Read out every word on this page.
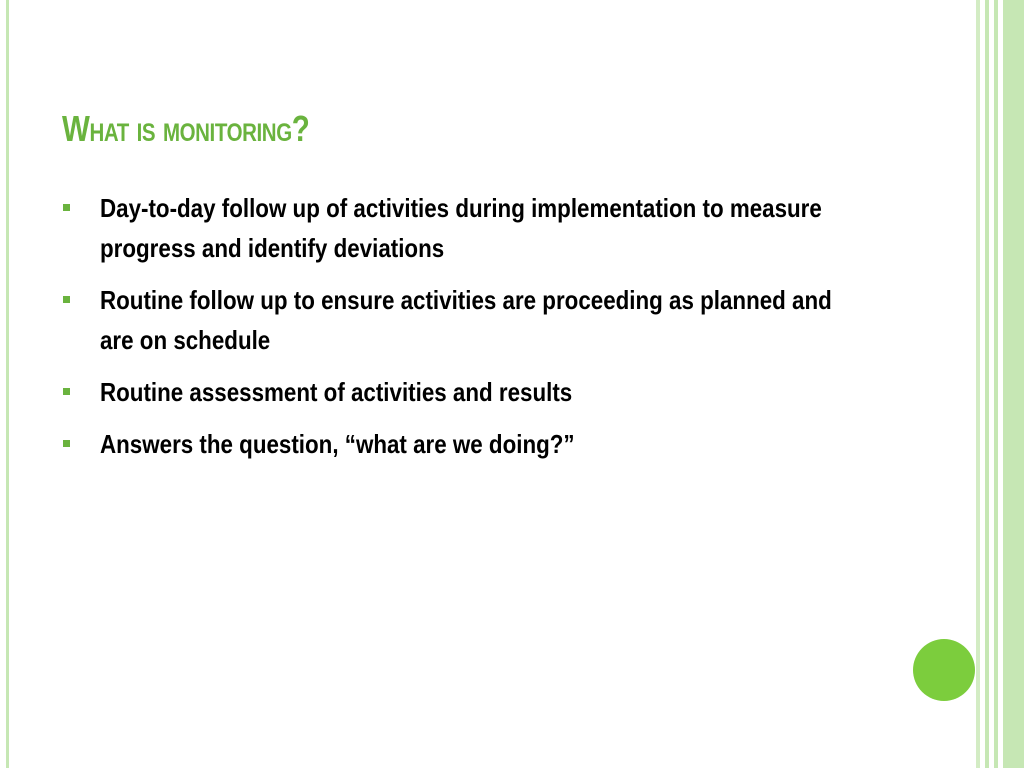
What is monitoring?
Day-to-day follow up of activities during implementation to measure progress and identify deviations
Routine follow up to ensure activities are proceeding as planned and are on schedule
Routine assessment of activities and results
Answers the question, “what are we doing?”
